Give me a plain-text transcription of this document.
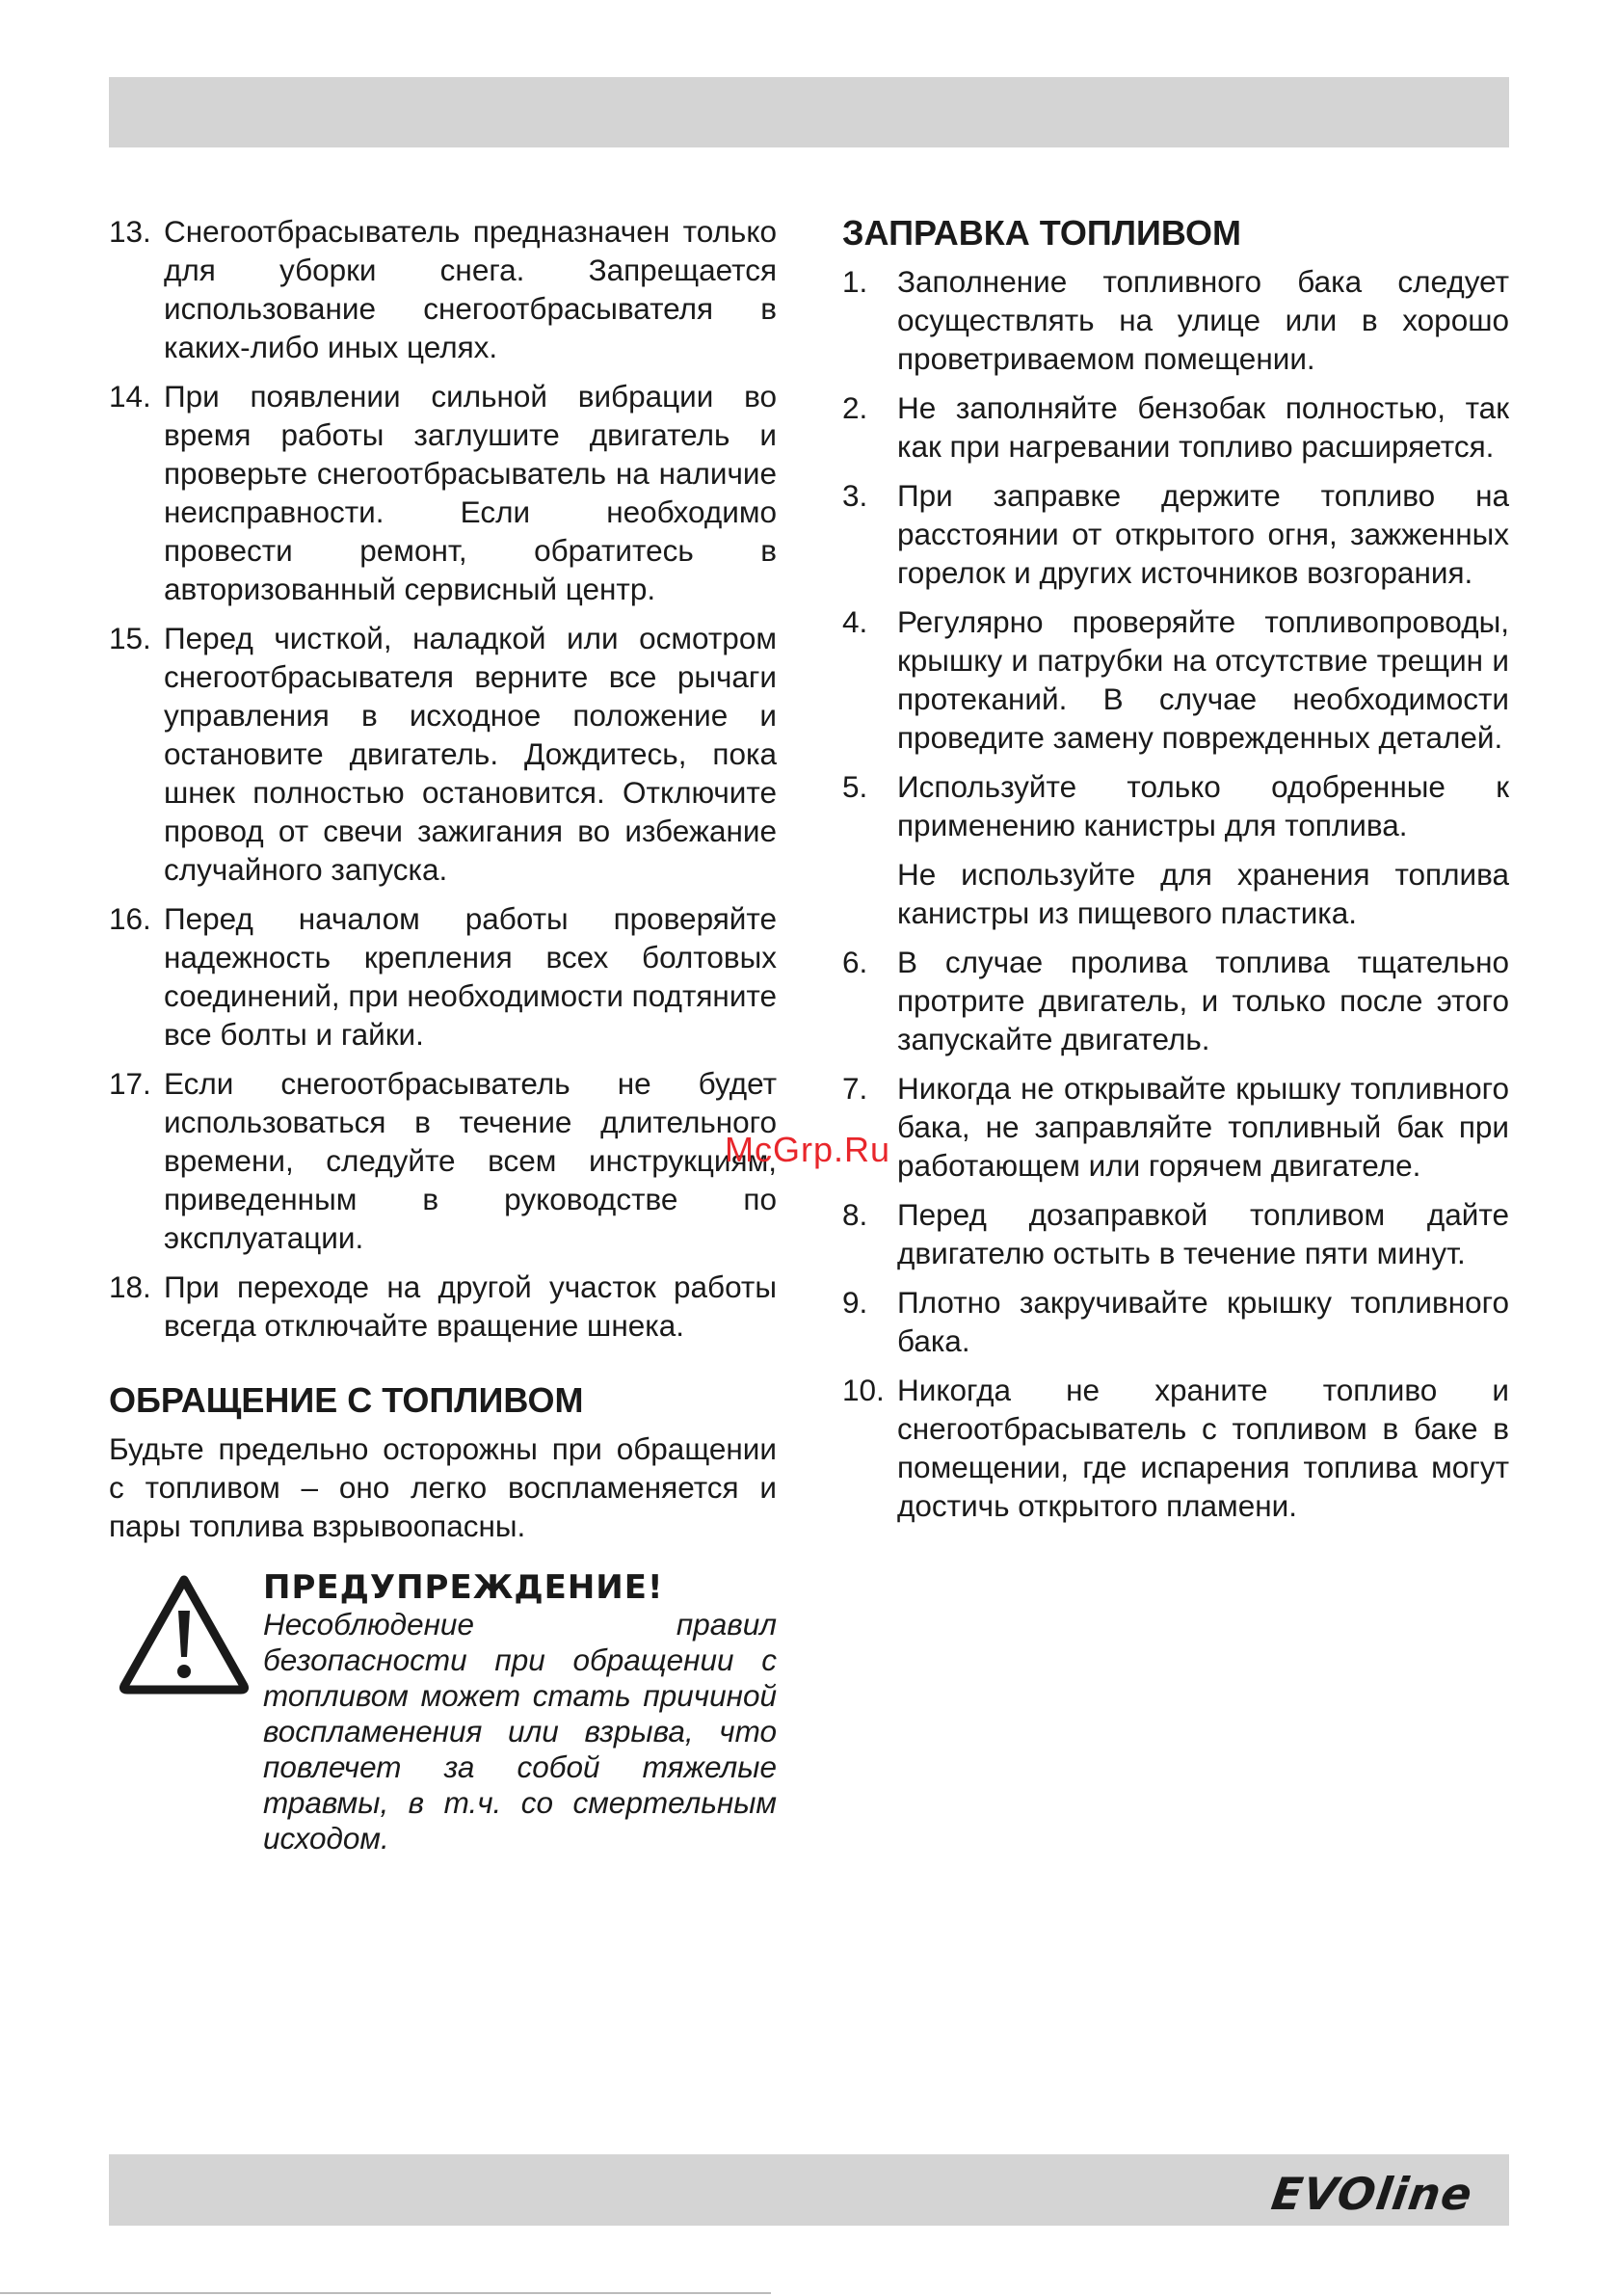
13. Снегоотбрасыватель предназначен только для уборки снега. Запрещается использование снегоотбрасывателя в каких-либо иных целях.

14. При появлении сильной вибрации во время работы заглушите двигатель и проверьте снегоотбрасыватель на наличие неисправности. Если необходимо провести ремонт, обратитесь в авторизованный сервисный центр.

15. Перед чисткой, наладкой или осмотром снегоотбрасывателя верните все рычаги управления в исходное положение и остановите двигатель. Дождитесь, пока шнек полностью остановится. Отключите провод от свечи зажигания во избежание случайного запуска.

16. Перед началом работы проверяйте надежность крепления всех болтовых соединений, при необходимости подтяните все болты и гайки.

17. Если снегоотбрасыватель не будет использоваться в течение длительного времени, следуйте всем инструкциям, приведенным в руководстве по эксплуатации.

18. При переходе на другой участок работы всегда отключайте вращение шнека.

ОБРАЩЕНИЕ С ТОПЛИВОМ

Будьте предельно осторожны при обращении с топливом – оно легко воспламеняется и пары топлива взрывоопасны.

ПРЕДУПРЕЖДЕНИЕ!

Несоблюдение правил безопасности при обращении с топливом может стать причиной воспламенения или взрыва, что повлечет за собой тяжелые травмы, в т.ч. со смертельным исходом.

ЗАПРАВКА ТОПЛИВОМ
1. Заполнение топливного бака следует осуществлять на улице или в хорошо проветриваемом помещении.

2. Не заполняйте бензобак полностью, так как при нагревании топливо расширяется.

3. При заправке держите топливо на расстоянии от открытого огня, зажженных горелок и других источников возгорания.

4. Регулярно проверяйте топливопроводы, крышку и патрубки на отсутствие трещин и протеканий. В случае необходимости проведите замену поврежденных деталей.

5. Используйте только одобренные к применению канистры для топлива.

Не используйте для хранения топлива канистры из пищевого пластика.

6. В случае пролива топлива тщательно протрите двигатель, и только после этого запускайте двигатель.

7. Никогда не открывайте крышку топливного бака, не заправляйте топливный бак при работающем или горячем двигателе.

8. Перед дозаправкой топливом дайте двигателю остыть в течение пяти минут.

9. Плотно закручивайте крышку топливного бака.

10. Никогда не храните топливо и снегоотбрасыватель с топливом в баке в помещении, где испарения топлива могут достичь открытого пламени.

McGrp.Ru
EVOline
